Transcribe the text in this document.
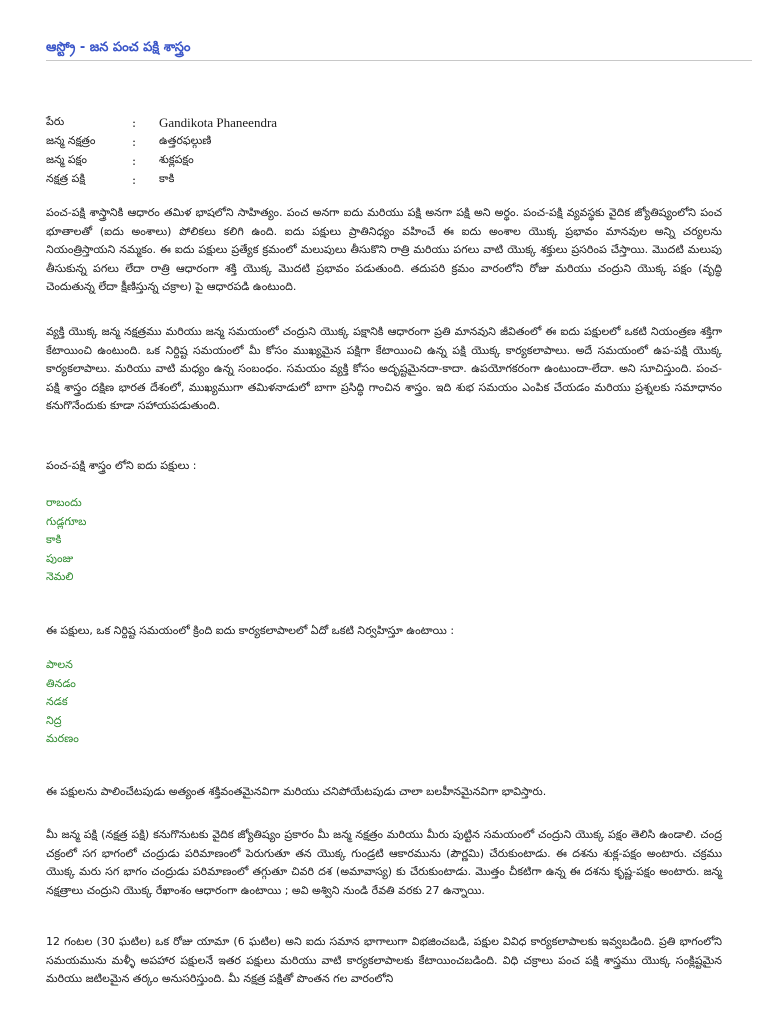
ఆస్ట్రో - జన పంచ పక్షి శాస్త్రం
పేరు	:	Gandikota Phaneendra
జన్మ నక్షత్రం	:	ఉత్తరఫల్గుణి
జన్మ పక్షం	:	శుక్లపక్షం
నక్షత్ర పక్షి	:	కాకి

పంచ-పక్షి శాస్త్రానికి ఆధారం తమిళ భాషలోని సాహిత్యం. పంచ అనగా ఐదు మరియు పక్షి అనగా పక్షి అని అర్థం. పంచ-పక్షి వ్యవస్థకు వైదిక జ్యోతిష్యంలోని పంచ భూతాలతో (ఐదు అంశాలు) పోలికలు కలిగి ఉంది. ఐదు పక్షులు ప్రాతినిధ్యం వహించే ఈ ఐదు అంశాల యొక్క ప్రభావం మానవుల అన్ని చర్యలను నియంత్రిస్తాయని నమ్మకం. ఈ ఐదు పక్షులు ప్రత్యేక క్రమంలో మలుపులు తీసుకొని రాత్రి మరియు పగలు వాటి యొక్క శక్తులు ప్రసరింప చేస్తాయి. మొదటి మలుపు తీసుకున్న పగలు లేదా రాత్రి ఆధారంగా శక్తి యొక్క మొదటి ప్రభావం పడుతుంది. తదుపరి క్రమం వారంలోని రోజు మరియు చంద్రుని యొక్క పక్షం (వృద్ధి చెందుతున్న లేదా క్షీణిస్తున్న చక్రాల) పై ఆధారపడి ఉంటుంది.

వ్యక్తి యొక్క జన్మ నక్షత్రము మరియు జన్మ సమయంలో చంద్రుని యొక్క పక్షానికి ఆధారంగా ప్రతి మానవుని జీవితంలో ఈ ఐదు పక్షులలో ఒకటి నియంత్రణ శక్తిగా కేటాయించి ఉంటుంది. ఒక నిర్దిష్ట సమయంలో మీ కోసం ముఖ్యమైన పక్షిగా కేటాయించి ఉన్న పక్షి యొక్క కార్యకలాపాలు. అదే సమయంలో ఉప-పక్షి యొక్క కార్యకలాపాలు. మరియు వాటి మధ్యం ఉన్న సంబంధం. సమయం వ్యక్తి కోసం అదృష్టమైనదా-కాదా. ఉపయోగకరంగా ఉంటుందా-లేదా. అని సూచిస్తుంది. పంచ-పక్షి శాస్త్రం దక్షిణ భారత దేశంలో, ముఖ్యముగా తమిళనాడులో బాగా ప్రసిద్ధి గాంచిన శాస్త్రం. ఇది శుభ సమయం ఎంపిక చేయడం మరియు ప్రశ్నలకు సమాధానం కనుగొనేందుకు కూడా సహాయపడుతుంది.

పంచ-పక్షి శాస్త్రం లోని ఐదు పక్షులు :

రాబందు
గుడ్లగూబ
కాకి
పుంజు
నెమలి

ఈ పక్షులు, ఒక నిర్దిష్ట సమయంలో క్రింది ఐదు కార్యకలాపాలలో ఏదో ఒకటి నిర్వహిస్తూ ఉంటాయి :

పాలన
తినడం
నడక
నిద్ర
మరణం

ఈ పక్షులను పాలించేటపుడు అత్యంత శక్తివంతమైనవిగా మరియు చనిపోయేటపుడు చాలా బలహీనమైనవిగా భావిస్తారు.

మీ జన్మ పక్షి (నక్షత్ర పక్షి) కనుగొనుటకు వైదిక జ్యోతిష్యం ప్రకారం మీ జన్మ నక్షత్రం మరియు మీరు పుట్టిన సమయంలో చంద్రుని యొక్క పక్షం తెలిసి ఉండాలి. చంద్ర చక్రంలో సగ భాగంలో చంద్రుడు పరిమాణంలో పెరుగుతూ తన యొక్క గుండ్రటి ఆకారమును (పౌర్ణమి) చేరుకుంటాడు. ఈ దశను శుక్ల-పక్షం అంటారు. చక్రము యొక్క మరు సగ భాగం చంద్రుడు పరిమాణంలో తగ్గుతూ చివరి దశ (అమావాస్య) కు చేరుకుంటాడు. మొత్తం చీకటిగా ఉన్న ఈ దశను కృష్ణ-పక్షం అంటారు. జన్మ నక్షత్రాలు చంద్రుని యొక్క రేఖాంశం ఆధారంగా ఉంటాయి ; అవి అశ్విని నుండి రేవతి వరకు 27 ఉన్నాయి.

12 గంటల (30 ఘటిల) ఒక రోజు యామా (6 ఘటిల) అని ఐదు సమాన భాగాలుగా విభజించబడి, పక్షుల వివిధ కార్యకలాపాలకు ఇవ్వబడింది. ప్రతి భాగంలోని సమయమును మళ్ళీ అపహార పక్షులనే ఇతర పక్షులు మరియు వాటి కార్యకలాపాలకు కేటాయించబడింది. విధి చక్రాలు పంచ పక్షి శాస్త్రము యొక్క సంక్లిష్టమైన మరియు జటిలమైన తర్కం అనుసరిస్తుంది. మీ నక్షత్ర పక్షితో పొంతన గల వారంలోని
